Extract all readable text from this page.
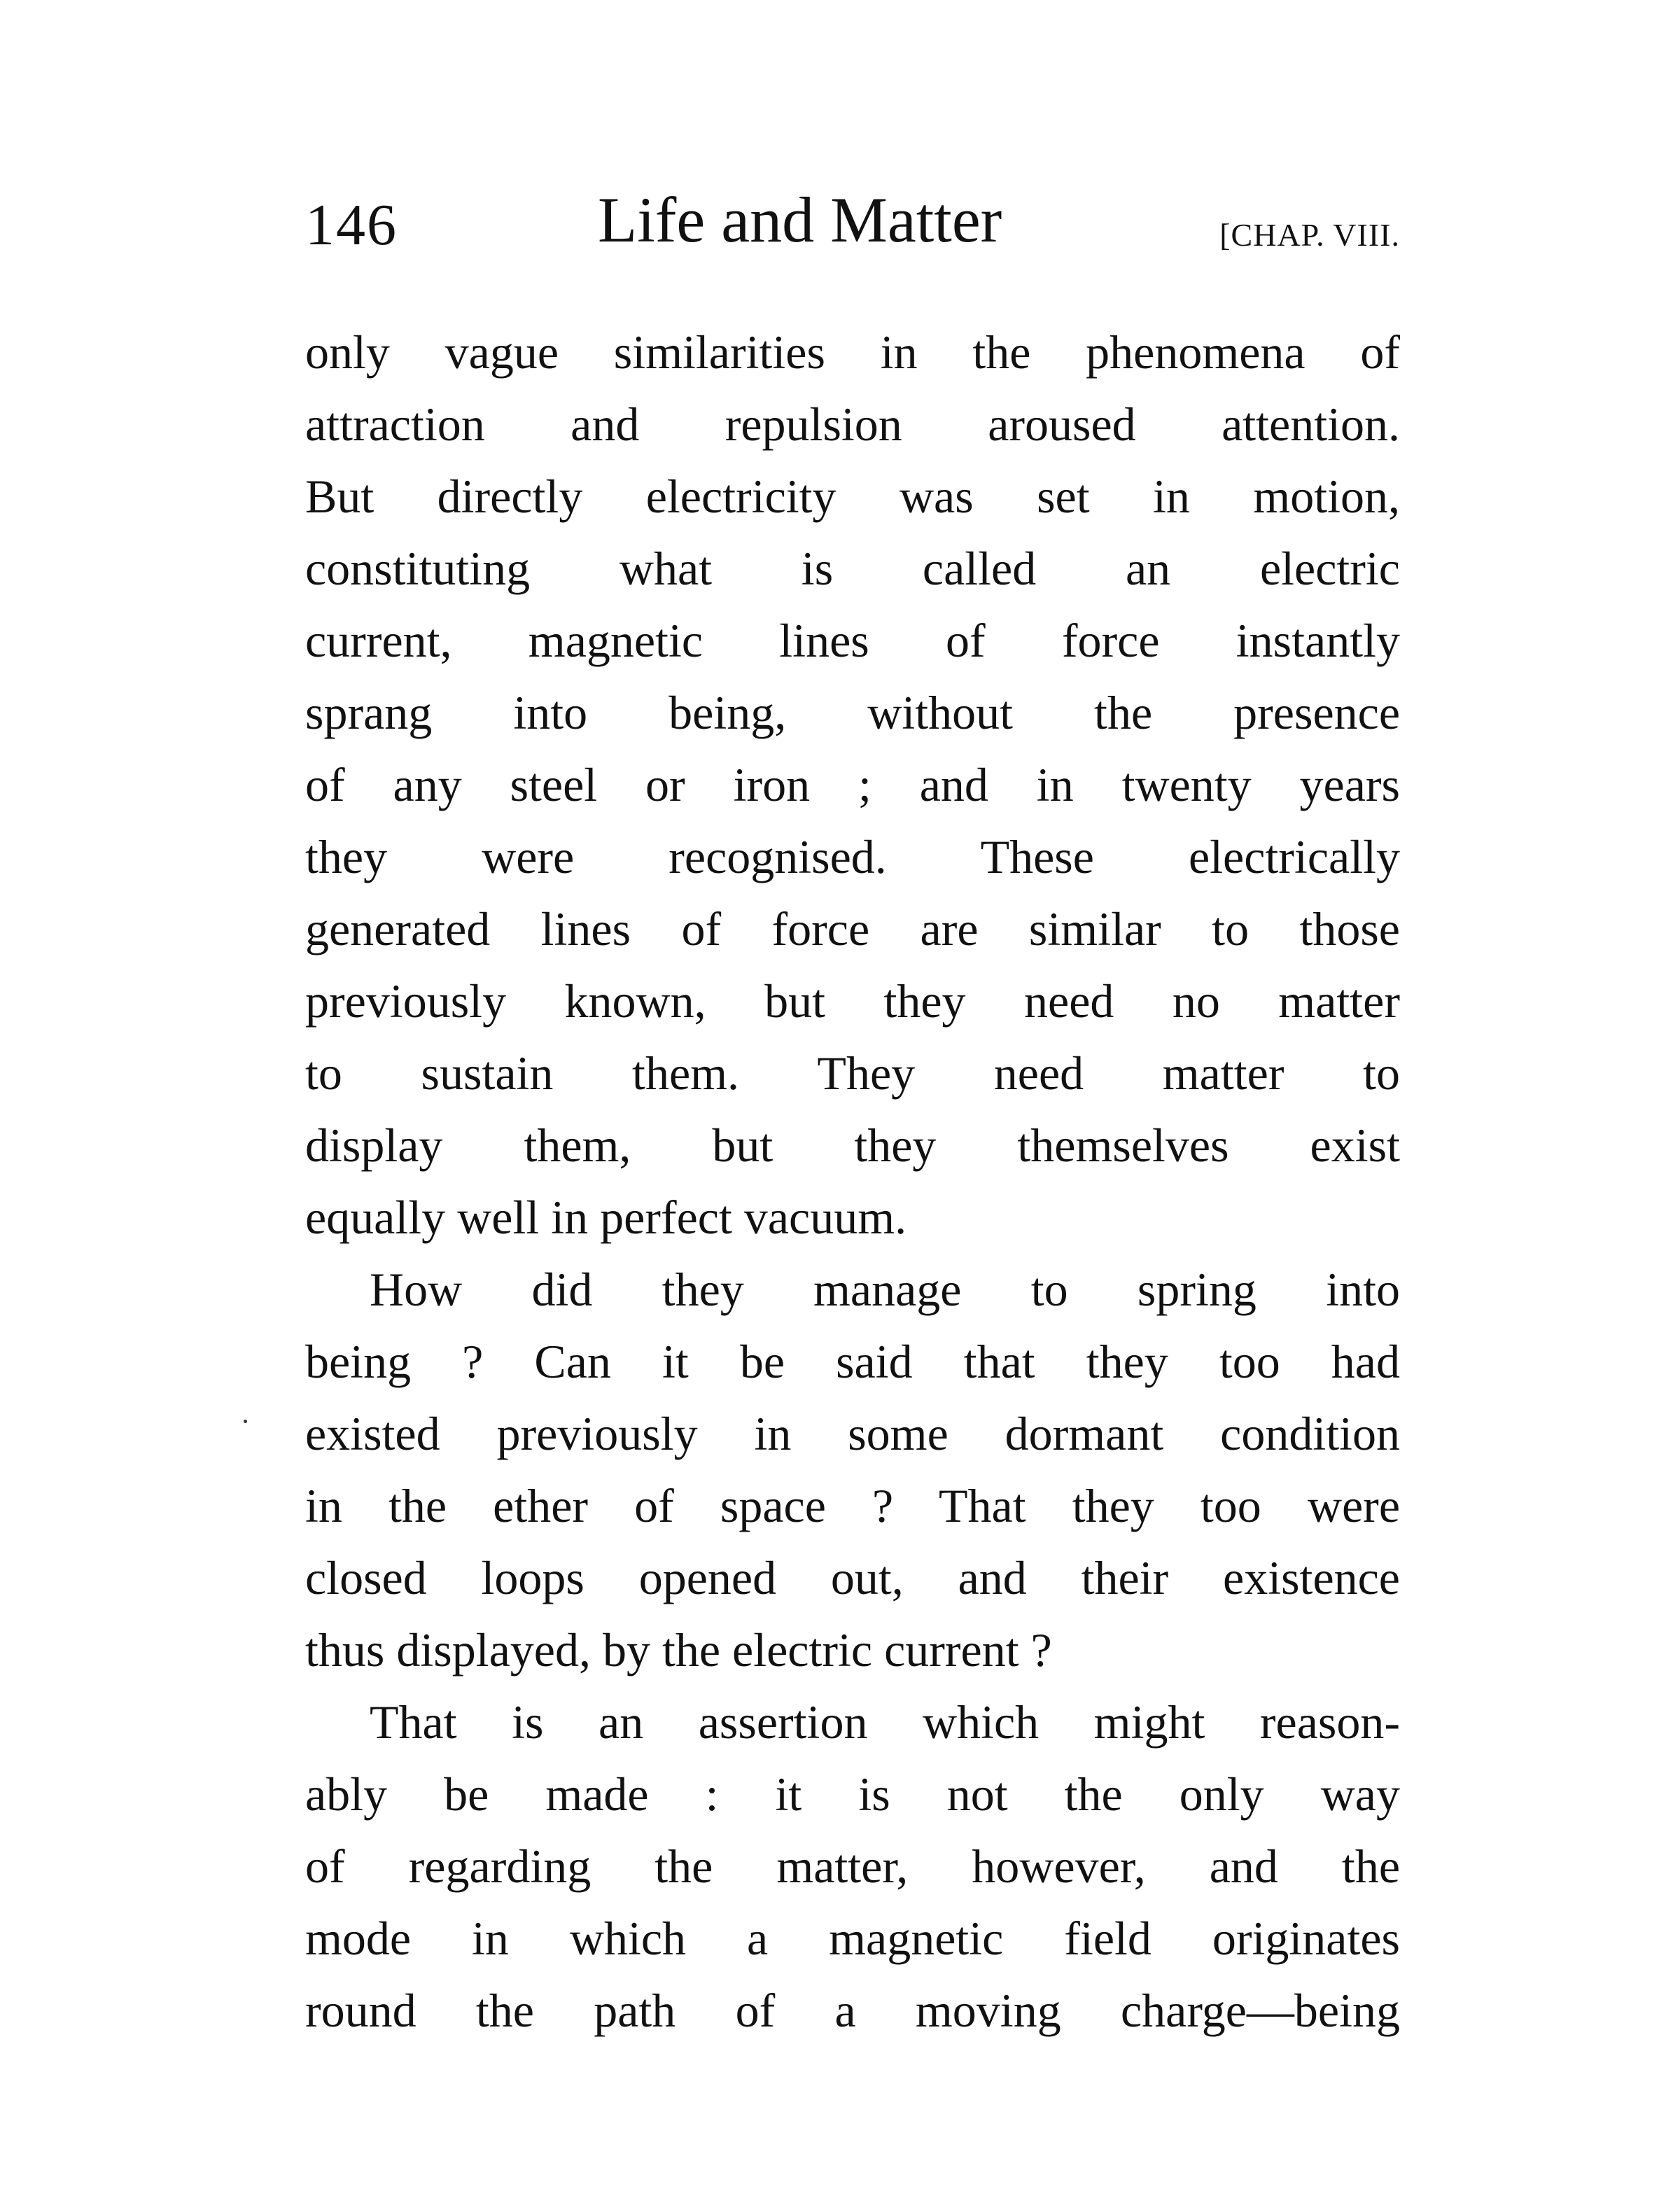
146	Life and Matter	[CHAP. VIII.
only vague similarities in the phenomena of
attraction and repulsion aroused attention.
But directly electricity was set in motion,
constituting what is called an electric
current, magnetic lines of force instantly
sprang into being, without the presence
of any steel or iron ; and in twenty years
they were recognised. These electrically
generated lines of force are similar to those
previously known, but they need no matter
to sustain them. They need matter to
display them, but they themselves exist
equally well in perfect vacuum.
How did they manage to spring into
being ? Can it be said that they too had
existed previously in some dormant condition
in the ether of space ? That they too were
closed loops opened out, and their existence
thus displayed, by the electric current ?
That is an assertion which might reason-
ably be made : it is not the only way
of regarding the matter, however, and the
mode in which a magnetic field originates
round the path of a moving charge—being
